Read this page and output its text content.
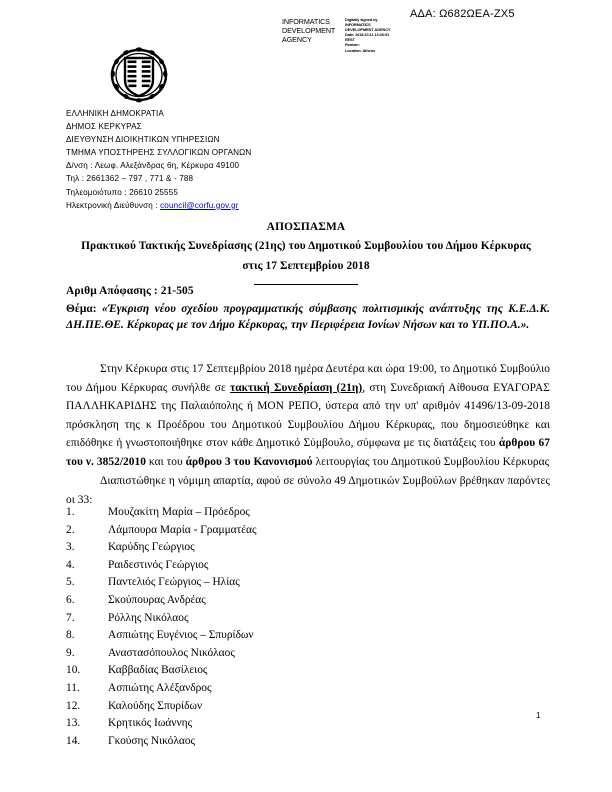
ΑΔΑ: Ω682ΩΕΑ-ΖΧ5
INFORMATICS DEVELOPMENT AGENCY
Digitally signed by
INFORMATICS
DEVELOPMENT AGENCY
Date: 2018.10.11 13:26:51
EEST
Reason:
Location: Athens
ΕΛΛΗΝΙΚΗ ΔΗΜΟΚΡΑΤΙΑ
ΔΗΜΟΣ ΚΕΡΚΥΡΑΣ
ΔΙΕΥΘΥΝΣΗ ΔΙΟΙΚΗΤΙΚΩΝ ΥΠΗΡΕΣΙΩΝ
ΤΜΗΜΑ ΥΠΟΣΤΗΡΕΗΣ ΣΥΛΛΟΓΙΚΩΝ ΟΡΓΑΝΩΝ
Δ/νση : Λεωφ. Αλεξάνδρας 6η, Κέρκυρα 49100
Τηλ : 2661362 – 797 , 771 & - 788
Τηλεομοιότυπο : 26610 25555
Ηλεκτρονική Διεύθυνση : council@corfu.gov.gr
ΑΠΟΣΠΑΣΜΑ
Πρακτικού Τακτικής Συνεδρίασης (21ης) του Δημοτικού Συμβουλίου του Δήμου Κέρκυρας
στις 17 Σεπτεμβρίου 2018
Αριθμ Απόφασης : 21-505
Θέμα: «Έγκριση νέου σχεδίου προγραμματικής σύμβασης πολιτισμικής ανάπτυξης της Κ.Ε.Δ.Κ. ΔΗ.ΠΕ.ΘΕ. Κέρκυρας με τον Δήμο Κέρκυρας, την Περιφέρεια Ιονίων Νήσων και το ΥΠ.ΠΟ.Α.».
Στην Κέρκυρα στις 17 Σεπτεμβρίου 2018 ημέρα Δευτέρα και ώρα 19:00, το Δημοτικό Συμβούλιο του Δήμου Κέρκυρας συνήλθε σε τακτική Συνεδρίαση (21η), στη Συνεδριακή Αίθουσα ΕΥΑΓΟΡΑΣ ΠΑΛΛΗΚΑΡΙΔΗΣ της Παλαιόπολης ή ΜΟΝ ΡΕΠΟ, ύστερα από την υπ' αριθμόν 41496/13-09-2018 πρόσκληση της κ Προέδρου του Δημοτικού Συμβουλίου Δήμου Κέρκυρας, που δημοσιεύθηκε και επιδόθηκε ή γνωστοποιήθηκε στον κάθε Δημοτικό Σύμβουλο, σύμφωνα με τις διατάξεις του άρθρου 67 του ν. 3852/2010 και του άρθρου 3 του Κανονισμού λειτουργίας του Δημοτικού Συμβουλίου Κέρκυρας
Διαπιστώθηκε η νόμιμη απαρτία, αφού σε σύνολο 49 Δημοτικών Συμβούλων βρέθηκαν παρόντες οι 33:
1.	Μουζακίτη Μαρία – Πρόεδρος
2.	Λάμπουρα Μαρία - Γραμματέας
3.	Καρύδης Γεώργιος
4.	Ραιδεστινός Γεώργιος
5.	Παντελιός Γεώργιος – Ηλίας
6.	Σκούπουρας Ανδρέας
7.	Ρόλλης Νικόλαος
8.	Ασπιώτης Ευγένιος – Σπυρίδων
9.	Αναστασόπουλος Νικόλαος
10.	Καββαδίας Βασίλειος
11.	Ασπιώτης Αλέξανδρος
12.	Καλούδης Σπυρίδων
13.	Κρητικός Ιωάννης
14.	Γκούσης Νικόλαος
1
